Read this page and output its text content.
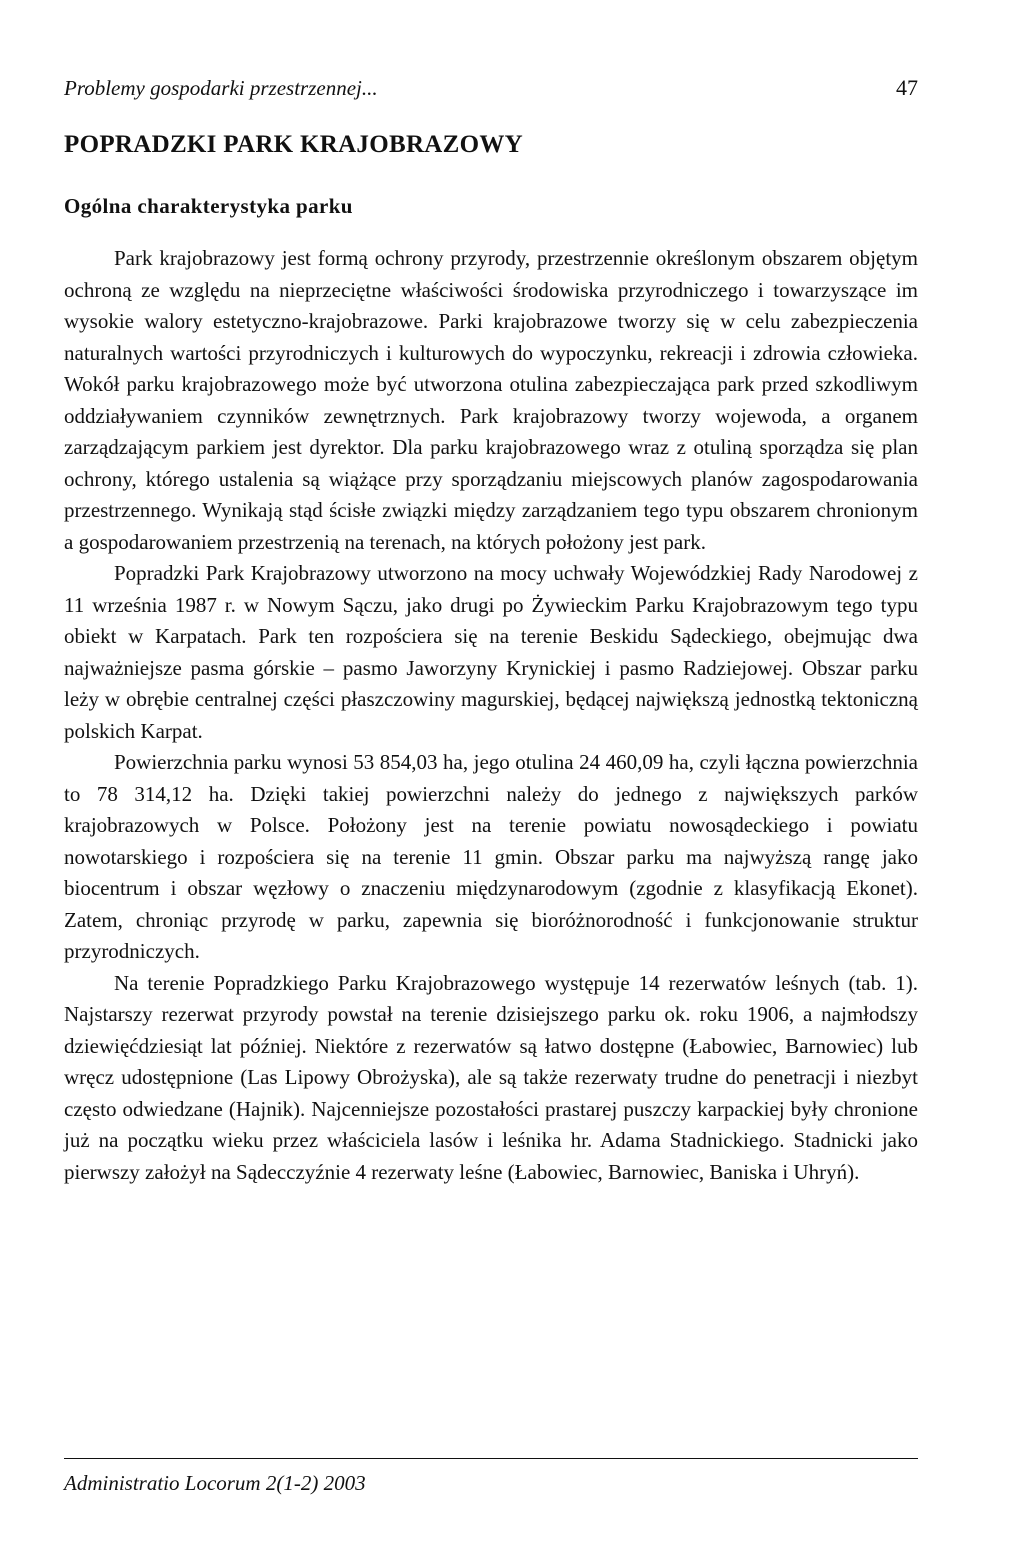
Problemy gospodarki przestrzennej...	47
POPRADZKI PARK KRAJOBRAZOWY
Ogólna charakterystyka parku

Park krajobrazowy jest formą ochrony przyrody, przestrzennie określonym obszarem objętym ochroną ze względu na nieprzeciętne właściwości środowiska przyrodniczego i towarzyszące im wysokie walory estetyczno-krajobrazowe. Parki krajobrazowe tworzy się w celu zabezpieczenia naturalnych wartości przyrodniczych i kulturowych do wypoczynku, rekreacji i zdrowia człowieka. Wokół parku krajobrazowego może być utworzona otulina zabezpieczająca park przed szkodliwym oddziaływaniem czynników zewnętrznych. Park krajobrazowy tworzy wojewoda, a organem zarządzającym parkiem jest dyrektor. Dla parku krajobrazowego wraz z otuliną sporządza się plan ochrony, którego ustalenia są wiążące przy sporządzaniu miejscowych planów zagospodarowania przestrzennego. Wynikają stąd ścisłe związki między zarządzaniem tego typu obszarem chronionym a gospodarowaniem przestrzenią na terenach, na których położony jest park.

Popradzki Park Krajobrazowy utworzono na mocy uchwały Wojewódzkiej Rady Narodowej z 11 września 1987 r. w Nowym Sączu, jako drugi po Żywieckim Parku Krajobrazowym tego typu obiekt w Karpatach. Park ten rozpościera się na terenie Beskidu Sądeckiego, obejmując dwa najważniejsze pasma górskie – pasmo Jaworzyny Krynickiej i pasmo Radziejowej. Obszar parku leży w obrębie centralnej części płaszczowiny magurskiej, będącej największą jednostką tektoniczną polskich Karpat.

Powierzchnia parku wynosi 53 854,03 ha, jego otulina 24 460,09 ha, czyli łączna powierzchnia to 78 314,12 ha. Dzięki takiej powierzchni należy do jednego z największych parków krajobrazowych w Polsce. Położony jest na terenie powiatu nowosądeckiego i powiatu nowotarskiego i rozpościera się na terenie 11 gmin. Obszar parku ma najwyższą rangę jako biocentrum i obszar węzłowy o znaczeniu międzynarodowym (zgodnie z klasyfikacją Ekonet). Zatem, chroniąc przyrodę w parku, zapewnia się bioróżnorodność i funkcjonowanie struktur przyrodniczych.

Na terenie Popradzkiego Parku Krajobrazowego występuje 14 rezerwatów leśnych (tab. 1). Najstarszy rezerwat przyrody powstał na terenie dzisiejszego parku ok. roku 1906, a najmłodszy dziewięćdziesiąt lat później. Niektóre z rezerwatów są łatwo dostępne (Łabowiec, Barnowiec) lub wręcz udostępnione (Las Lipowy Obrożyska), ale są także rezerwaty trudne do penetracji i niezbyt często odwiedzane (Hajnik). Najcenniejsze pozostałości prastarej puszczy karpackiej były chronione już na początku wieku przez właściciela lasów i leśnika hr. Adama Stadnickiego. Stadnicki jako pierwszy założył na Sądecczyźnie 4 rezerwaty leśne (Łabowiec, Barnowiec, Baniska i Uhryń).

Administratio Locorum 2(1-2) 2003
